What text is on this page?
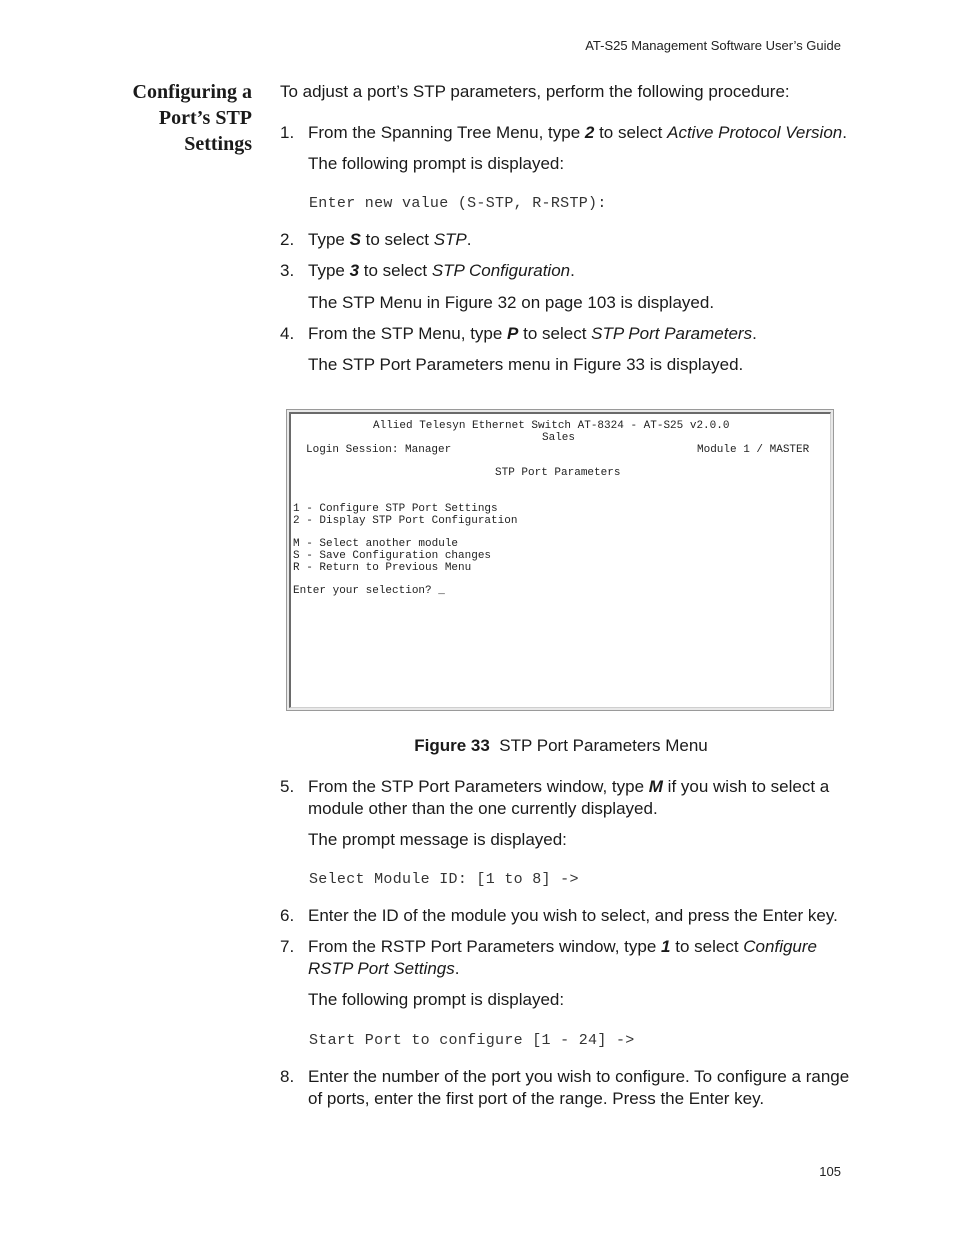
AT-S25 Management Software User’s Guide
Configuring a
Port’s STP
Settings
To adjust a port’s STP parameters, perform the following procedure:
1. From the Spanning Tree Menu, type 2 to select Active Protocol Version.
The following prompt is displayed:
Enter new value (S-STP, R-RSTP):
2. Type S to select STP.
3. Type 3 to select STP Configuration.
The STP Menu in Figure 32 on page 103 is displayed.
4. From the STP Menu, type P to select STP Port Parameters.
The STP Port Parameters menu in Figure 33 is displayed.
Allied Telesyn Ethernet Switch AT-8324 - AT-S25 v2.0.0
Sales
Login Session: Manager	Module 1 / MASTER
STP Port Parameters
1 - Configure STP Port Settings
2 - Display STP Port Configuration
M - Select another module
S - Save Configuration changes
R - Return to Previous Menu
Enter your selection? _
Figure 33 STP Port Parameters Menu
5. From the STP Port Parameters window, type M if you wish to select a module other than the one currently displayed.
The prompt message is displayed:
Select Module ID: [1 to 8] ->
6. Enter the ID of the module you wish to select, and press the Enter key.
7. From the RSTP Port Parameters window, type 1 to select Configure RSTP Port Settings.
The following prompt is displayed:
Start Port to configure [1 - 24] ->
8. Enter the number of the port you wish to configure. To configure a range of ports, enter the first port of the range. Press the Enter key.
105
